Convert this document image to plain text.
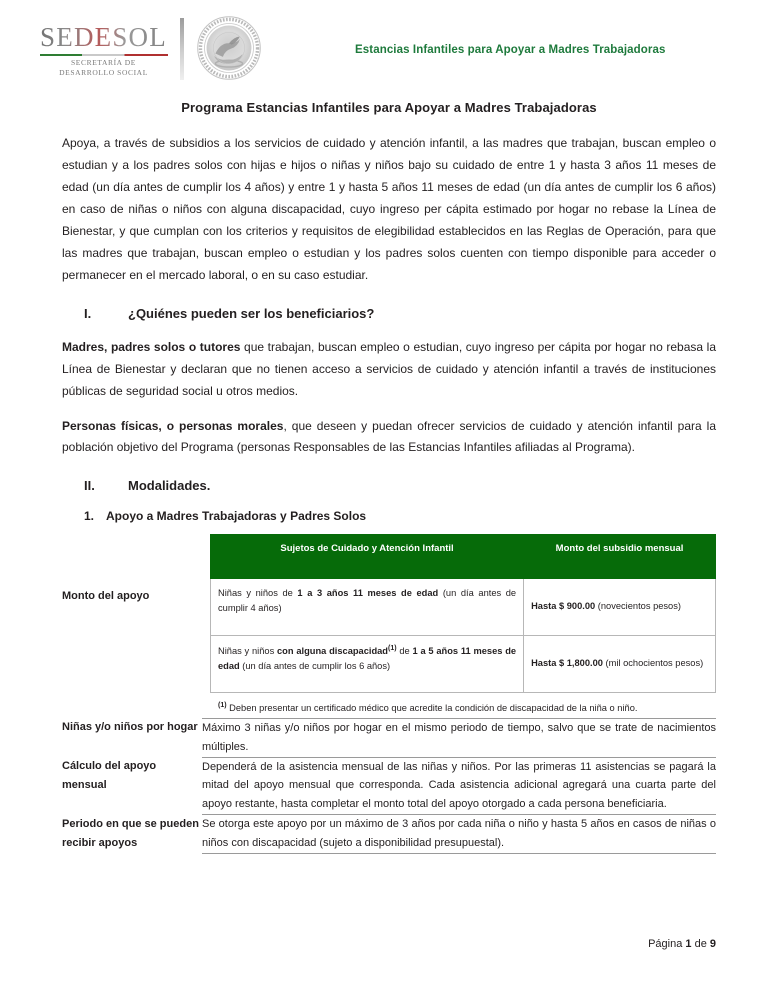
SEDESOL
SECRETARÍA DE
DESARROLLO SOCIAL
Estancias Infantiles para Apoyar a Madres Trabajadoras
Programa Estancias Infantiles para Apoyar a Madres Trabajadoras

Apoya, a través de subsidios a los servicios de cuidado y atención infantil, a las madres que trabajan, buscan empleo o estudian y a los padres solos con hijas e hijos o niñas y niños bajo su cuidado de entre 1 y hasta 3 años 11 meses de edad (un día antes de cumplir los 4 años) y entre 1 y hasta 5 años 11 meses de edad (un día antes de cumplir los 6 años) en caso de niñas o niños con alguna discapacidad, cuyo ingreso per cápita estimado por hogar no rebase la Línea de Bienestar, y que cumplan con los criterios y requisitos de elegibilidad establecidos en las Reglas de Operación, para que las madres que trabajan, buscan empleo o estudian y los padres solos cuenten con tiempo disponible para acceder o permanecer en el mercado laboral, o en su caso estudiar.

I.	¿Quiénes pueden ser los beneficiarios?

Madres, padres solos o tutores que trabajan, buscan empleo o estudian, cuyo ingreso per cápita por hogar no rebasa la Línea de Bienestar y declaran que no tienen acceso a servicios de cuidado y atención infantil a través de instituciones públicas de seguridad social u otros medios.

Personas físicas, o personas morales, que deseen y puedan ofrecer servicios de cuidado y atención infantil para la población objetivo del Programa (personas Responsables de las Estancias Infantiles afiliadas al Programa).

II.	Modalidades.
1. Apoyo a Madres Trabajadoras y Padres Solos
Monto del apoyo	
Sujetos de Cuidado y Atención Infantil	Monto del subsidio mensual
Niñas y niños de 1 a 3 años 11 meses de edad (un día antes de cumplir 4 años)	Hasta $ 900.00 (novecientos pesos)
Niñas y niños con alguna discapacidad$^{(1)}$ de 1 a 5 años 11 meses de edad (un día antes de cumplir los 6 años)	Hasta $ 1,800.00 (mil ochocientos pesos)
$^{(1)}$ Deben presentar un certificado médico que acredite la condición de discapacidad de la niña o niño.

Niñas y/o niños por hogar	Máximo 3 niñas y/o niños por hogar en el mismo periodo de tiempo, salvo que se trate de nacimientos múltiples.
Cálculo del apoyo mensual	Dependerá de la asistencia mensual de las niñas y niños. Por las primeras 11 asistencias se pagará la mitad del apoyo mensual que corresponda. Cada asistencia adicional agregará una cuarta parte del apoyo restante, hasta completar el monto total del apoyo otorgado a cada persona beneficiaria.
Periodo en que se pueden recibir apoyos	Se otorga este apoyo por un máximo de 3 años por cada niña o niño y hasta 5 años en casos de niñas o niños con discapacidad (sujeto a disponibilidad presupuestal).
Página 1 de 9
